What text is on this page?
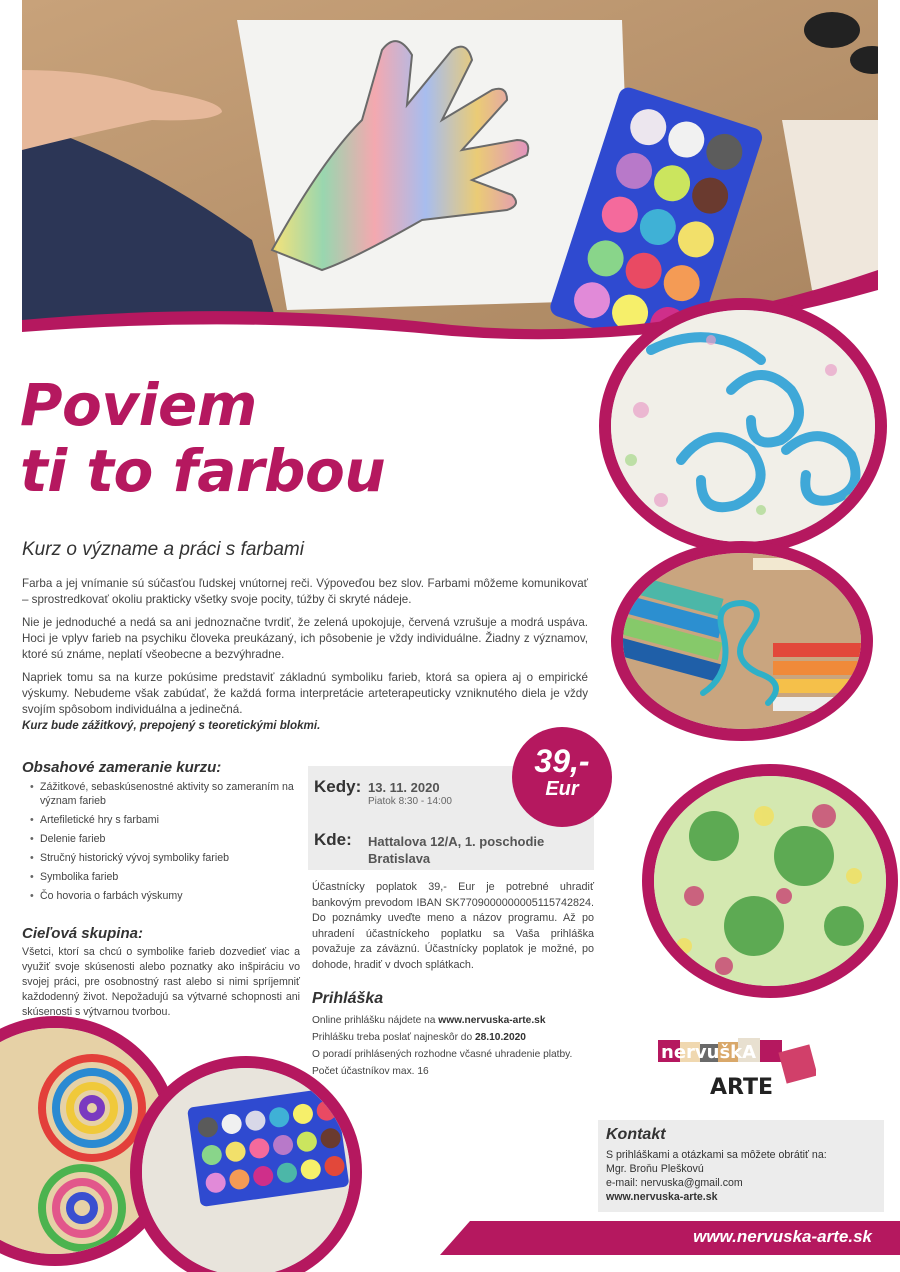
Poviem
ti to farbou
Kurz o význame a práci s farbami

Farba a jej vnímanie sú súčasťou ľudskej vnútornej reči. Výpoveďou bez slov. Farbami môžeme komunikovať – sprostredkovať okoliu prakticky všetky svoje pocity, túžby či skryté nádeje.

Nie je jednoduché a nedá sa ani jednoznačne tvrdiť, že zelená upokojuje, červená vzrušuje a modrá uspáva. Hoci je vplyv farieb na psychiku človeka preukázaný, ich pôsobenie je vždy individuálne. Žiadny z významov, ktoré sú známe, neplatí všeobecne a bezvýhradne.

Napriek tomu sa na kurze pokúsime predstaviť základnú symboliku farieb, ktorá sa opiera aj o empirické výskumy. Nebudeme však zabúdať, že každá forma interpretácie arteterapeuticky vzniknutého diela je vždy svojím spôsobom individuálna a jedinečná.

Kurz bude zážitkový, prepojený s teoretickými blokmi.

Obsahové zameranie kurzu:
• Zážitkové, sebaskúsenostné aktivity so zameraním na význam farieb
• Artefiletické hry s farbami
• Delenie farieb
• Stručný historický vývoj symboliky farieb
• Symbolika farieb
• Čo hovoria o farbách výskumy
Cieľová skupina:

Všetci, ktorí sa chcú o symbolike farieb dozvedieť viac a využiť svoje skúsenosti alebo poznatky ako inšpiráciu vo svojej práci, pre osobnostný rast alebo si nimi spríjemniť každodenný život. Nepožadujú sa výtvarné schopnosti ani skúsenosti s výtvarnou tvorbou.

Kedy: 13. 11. 2020
Piatok 8:30 - 14:00
Kde: Hattalova 12/A, 1. poschodie
Bratislava
39,-
Eur

Účastnícky poplatok 39,- Eur je potrebné uhradiť bankovým prevodom IBAN SK7709000000005115742824. Do poznámky uveďte meno a názov programu. Až po uhradení účastníckeho poplatku sa Vaša prihláška považuje za záväznú. Účastnícky poplatok je možné, po dohode, hradiť v dvoch splátkach.

Prihláška
Online prihlášku nájdete na www.nervuska-arte.sk
Prihlášku treba poslať najneskôr do 28.10.2020
O poradí prihlásených rozhodne včasné uhradenie platby.
Počet účastníkov max. 16
nervuškA
ARTE
Kontakt
S prihláškami a otázkami sa môžete obrátiť na:
Mgr. Broňu Pleškovú
e-mail: nervuska@gmail.com
www.nervuska-arte.sk
www.nervuska-arte.sk
